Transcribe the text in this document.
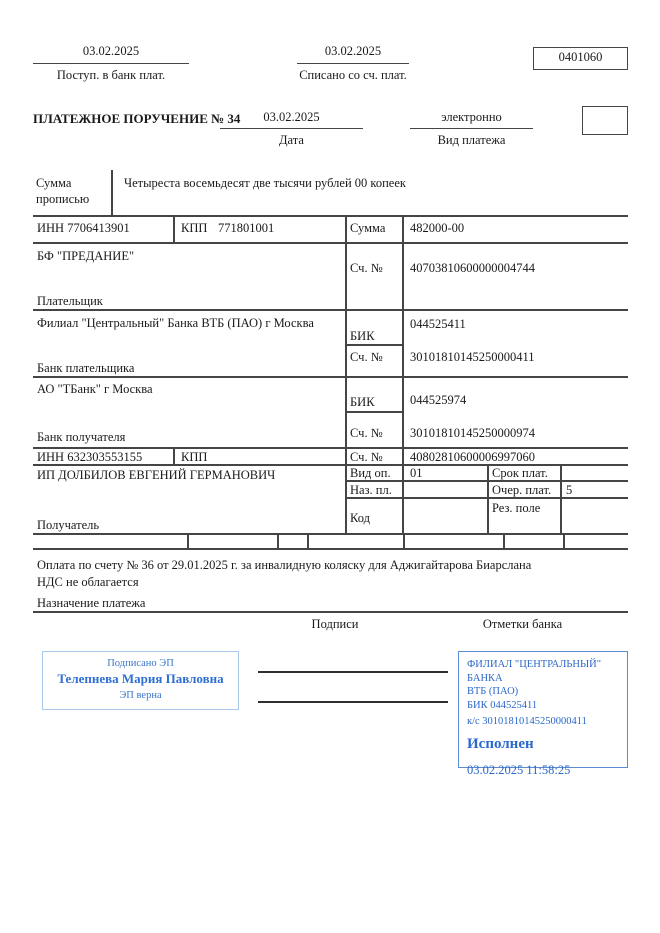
03.02.2025
Поступ. в банк плат.
03.02.2025
Списано со сч. плат.
0401060
ПЛАТЕЖНОЕ ПОРУЧЕНИЕ № 34	03.02.2025
Дата
электронно
Вид платежа
Сумма
прописью
Четыреста восемьдесят две тысячи рублей 00 копеек
ИНН 7706413901	КПП 771801001	Сумма 482000-00
БФ "ПРЕДАНИЕ"
Плательщик
Сч. № 40703810600000004744
Филиал "Центральный" Банка ВТБ (ПАО) г Москва
Банк плательщика
БИК
044525411
Сч. № 30101810145250000411
АО "ТБанк" г Москва
Банк получателя
БИК	044525974
Сч. № 30101810145250000974
ИНН 632303553155	КПП	Сч. № 40802810600006997060
ИП ДОЛБИЛОВ ЕВГЕНИЙ ГЕРМАНОВИЧ
Получатель
Вид оп. 01	Срок плат.
Наз. пл.	Очер. плат. 5
Код
Рез. поле
Оплата по счету № 36 от 29.01.2025 г. за инвалидную коляску для Аджигайтарова Биарслана
НДС не облагается
Назначение платежа
Подписи	Отметки банка
Подписано ЭП
Телепнева Мария Павловна
ЭП верна
ФИЛИАЛ "ЦЕНТРАЛЬНЫЙ" БАНКА
ВТБ (ПАО)
БИК 044525411
к/с 30101810145250000411
Исполнен
03.02.2025 11:58:25
